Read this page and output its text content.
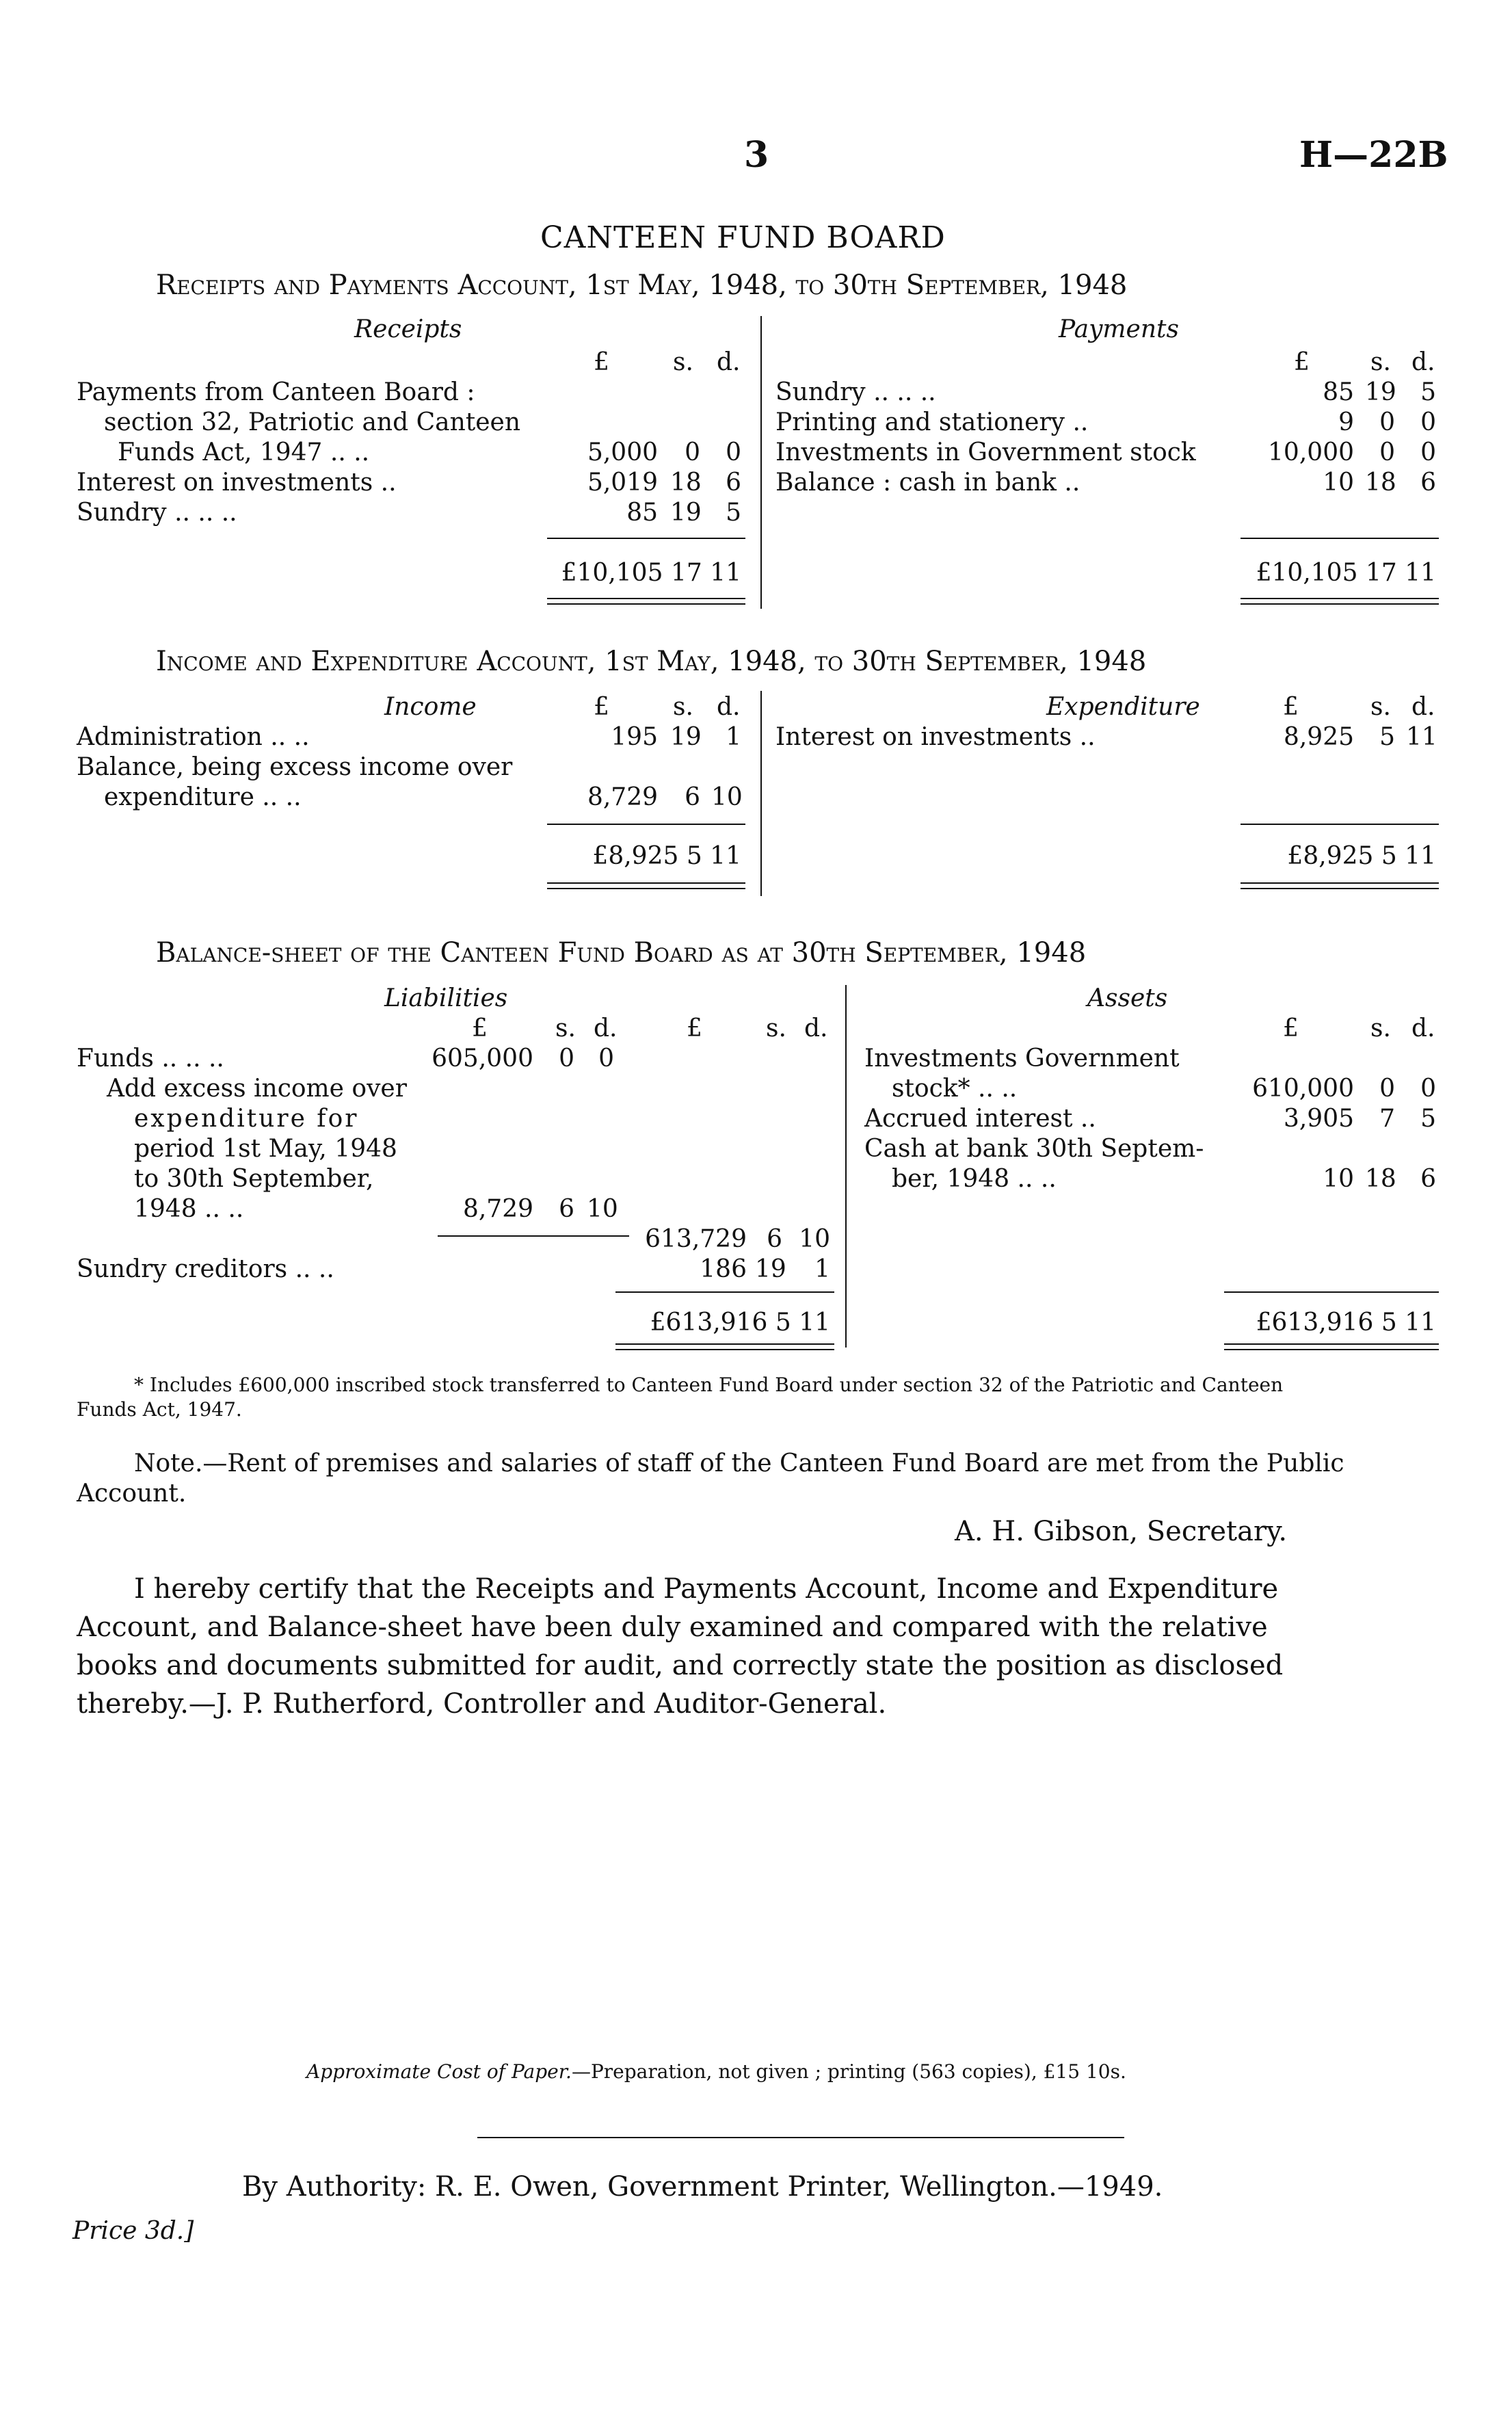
3	H—22B
CANTEEN FUND BOARD
Receipts and Payments Account, 1st May, 1948, to 30th September, 1948
Receipts	Payments
£	s. d.
Payments from Canteen Board :
section 32, Patriotic and Canteen
Funds Act, 1947 .. ..	5,000	0	0
Interest on investments ..	5,019 18 6
Sundry .. .. ..	85 19 5
£10,105 17 11
£ s. d.
Sundry .. .. ..	85 19 5
Printing and stationery ..	9	0	0
Investments in Government stock	10,000	0	0
Balance : cash in bank ..	10 18 6
£10,105 17 11
Income and Expenditure Account, 1st May, 1948, to 30th September, 1948
Income	£	s. d.	Expenditure	£	s. d.
Administration .. ..	195 19 1
Balance, being excess income over
expenditure .. ..	8,729	6 10
£8,925 5 11
Interest on investments ..	8,925	5 11
£8,925 5 11
Balance-sheet of the Canteen Fund Board as at 30th September, 1948
Liabilities
£	s. d.	£	s. d.
Funds .. .. ..	605,000	0 0
Add excess income over
expenditure for
period 1st May, 1948
to 30th September,
1948 .. ..	8,729	6 10
613,729 6 10
Sundry creditors .. ..	186 19	1
£613,916 5 11
Assets
£	s. d.
Investments Government
stock* .. ..	610,000	0	0
Accrued interest ..	3,905	7	5
Cash at bank 30th Septem-
ber, 1948 .. ..	10 18 6
£613,916 5 11
* Includes £600,000 inscribed stock transferred to Canteen Fund Board under section 32 of the Patriotic and Canteen
Funds Act, 1947.
Note.—Rent of premises and salaries of staff of the Canteen Fund Board are met from the Public
Account.
A. H. Gibson, Secretary.
I hereby certify that the Receipts and Payments Account, Income and Expenditure
Account, and Balance-sheet have been duly examined and compared with the relative
books and documents submitted for audit, and correctly state the position as disclosed
thereby.—J. P. Rutherford, Controller and Auditor-General.
Approximate Cost of Paper.—Preparation, not given ; printing (563 copies), £15 10s.
By Authority: R. E. Owen, Government Printer, Wellington.—1949.
Price 3d.]
